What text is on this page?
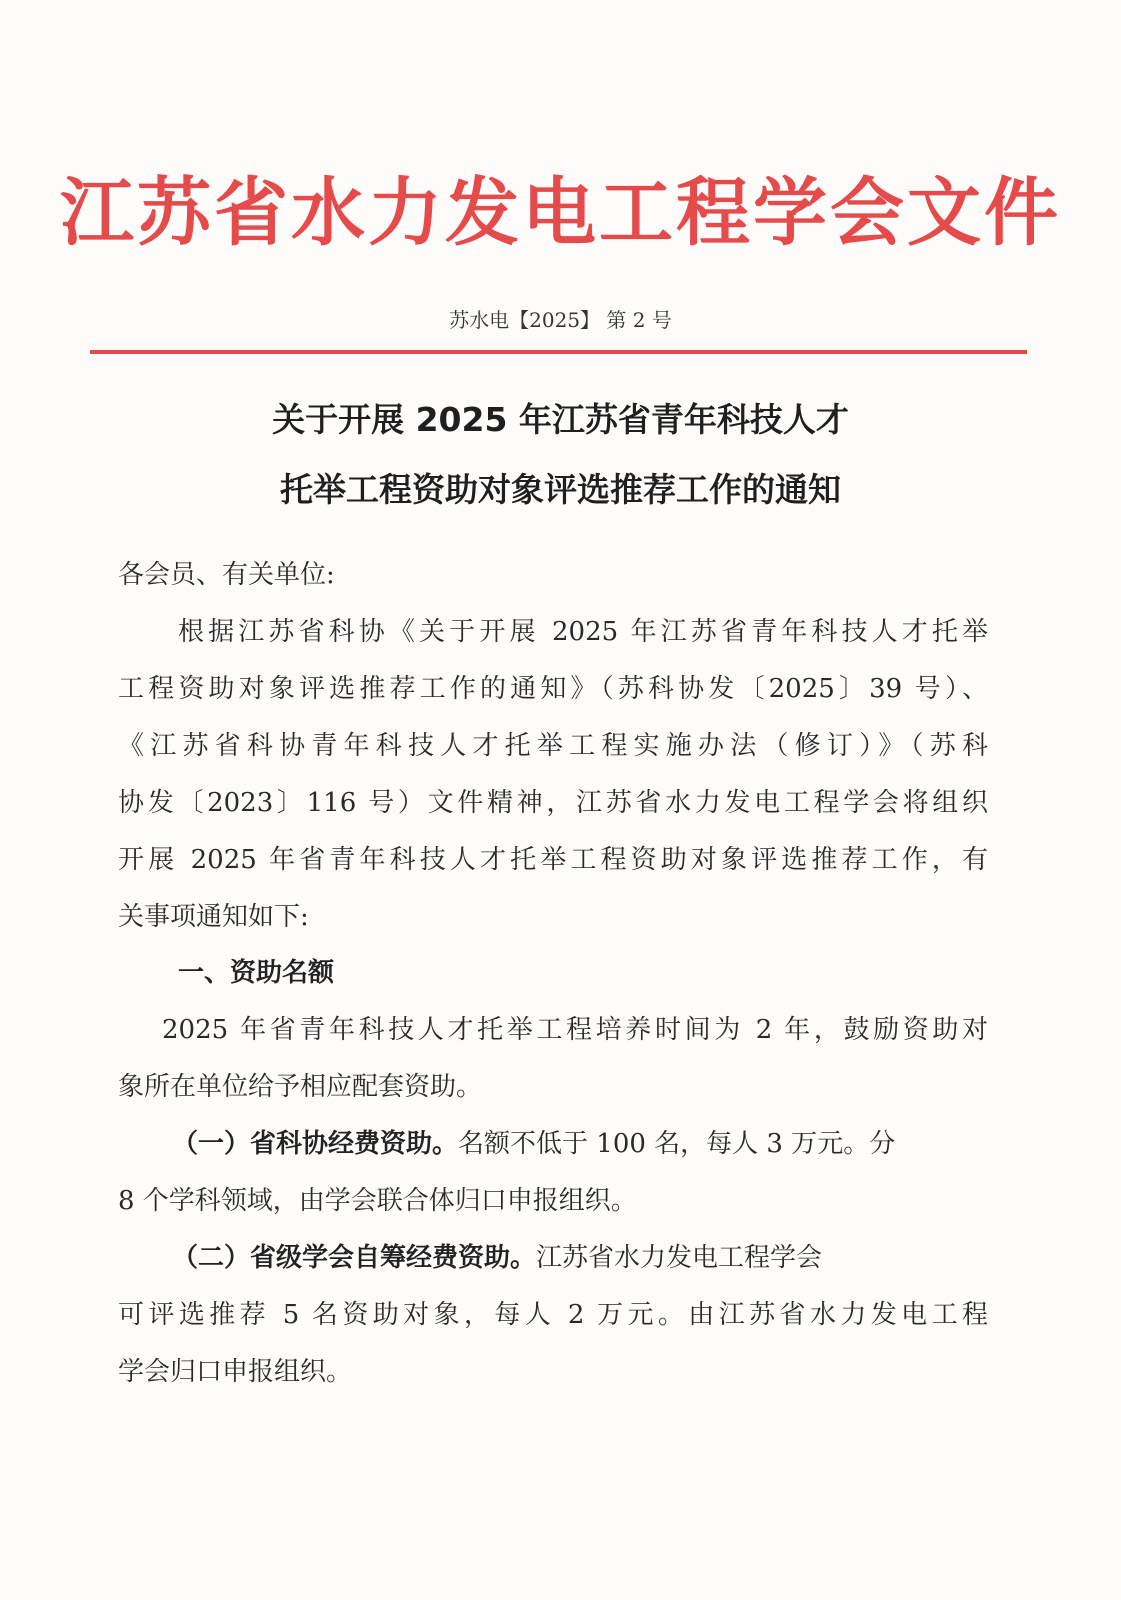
江苏省水力发电工程学会文件
苏水电【2025】 第 2 号
关于开展 2025 年江苏省青年科技人才
托举工程资助对象评选推荐工作的通知
各会员、有关单位:
根据江苏省科协《关于开展 2025 年江苏省青年科技人才托举
工程资助对象评选推荐工作的通知》（苏科协发〔2025〕39 号）、
《江苏省科协青年科技人才托举工程实施办法（修订）》（苏科
协发〔2023〕116 号）文件精神，江苏省水力发电工程学会将组织
开展 2025 年省青年科技人才托举工程资助对象评选推荐工作，有
关事项通知如下:
一、资助名额
2025 年省青年科技人才托举工程培养时间为 2 年，鼓励资助对
象所在单位给予相应配套资助。
（一）省科协经费资助。名额不低于 100 名，每人 3 万元。分
8 个学科领域，由学会联合体归口申报组织。
（二）省级学会自筹经费资助。江苏省水力发电工程学会
可评选推荐 5 名资助对象，每人 2 万元。由江苏省水力发电工程
学会归口申报组织。
